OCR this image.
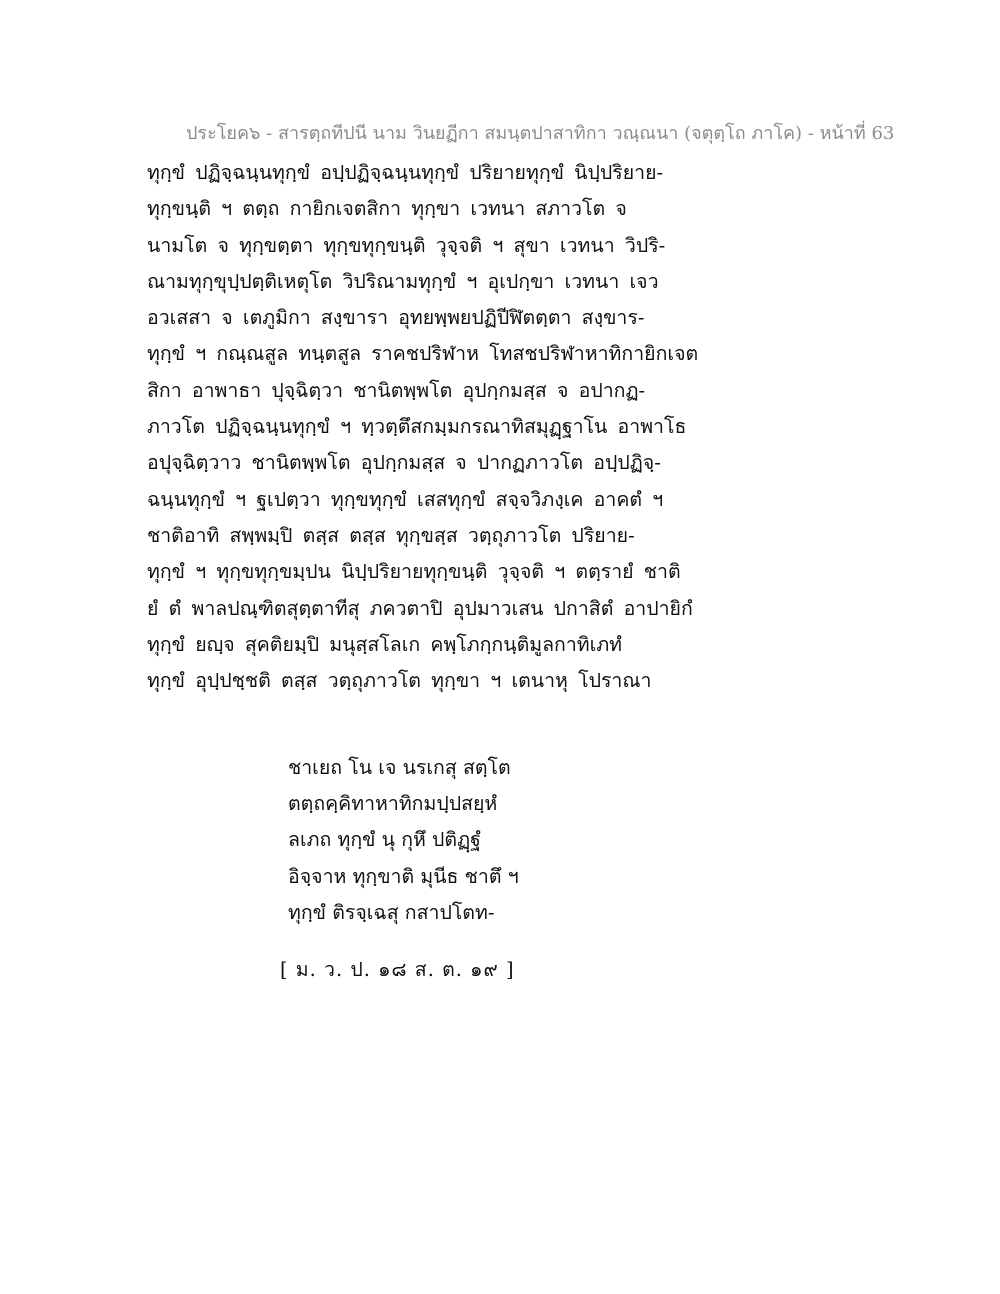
ประโยค๖ - สารตฺถทีปนี นาม วินยฏีกา สมนฺตปาสาทิกา วณฺณนา (จตุตฺโถ ภาโค) - หน้าที่ 63
ทุกฺขํ ปฏิจฺฉนฺนทุกฺขํ อปฺปฏิจฺฉนฺนทุกฺขํ ปริยายทุกฺขํ นิปฺปริยาย-
ทุกฺขนฺติ ฯ ตตฺถ กายิกเจตสิกา ทุกฺขา เวทนา สภาวโต จ
นามโต จ ทุกฺขตฺตา ทุกฺขทุกฺขนฺติ วุจฺจติ ฯ สุขา เวทนา วิปริ-
ณามทุกฺขุปฺปตฺติเหตุโต วิปริณามทุกฺขํ ฯ อุเปกฺขา เวทนา เจว
อวเสสา จ เตภูมิกา สงฺขารา อุทยพฺพยปฏิปีฬิตตฺตา สงฺขาร-
ทุกฺขํ ฯ กณฺณสูล ทนฺตสูล ราคชปริฬาห โทสชปริฬาหาทิกายิกเจต
สิกา อาพาธา ปุจฺฉิตฺวา ชานิตพฺพโต อุปกฺกมสฺส จ อปากฏ-
ภาวโต ปฏิจฺฉนฺนทุกฺขํ ฯ ทฺวตฺตึสกมฺมกรณาทิสมุฏฺฐาโน อาพาโธ
อปุจฺฉิตฺวาว ชานิตพฺพโต อุปกฺกมสฺส จ ปากฏภาวโต อปฺปฏิจฺ-
ฉนฺนทุกฺขํ ฯ ฐเปตฺวา ทุกฺขทุกฺขํ เสสทุกฺขํ สจฺจวิภงฺเค อาคตํ ฯ
ชาติอาทิ สพฺพมฺปิ ตสฺส ตสฺส ทุกฺขสฺส วตฺถุภาวโต ปริยาย-
ทุกฺขํ ฯ ทุกฺขทุกฺขมฺปน นิปฺปริยายทุกฺขนฺติ วุจฺจติ ฯ ตตฺรายํ ชาติ
ยํ ตํ พาลปณฺฑิตสุตฺตาทีสุ ภควตาปิ อุปมาวเสน ปกาสิตํ อาปายิกํ
ทุกฺขํ ยญฺจ สุคติยมฺปิ มนุสฺสโลเก คพฺโภกฺกนฺติมูลกาทิเภทํ
ทุกฺขํ อุปฺปชฺชติ ตสฺส วตฺถุภาวโต ทุกฺขา ฯ เตนาหุ โปราณา
ชาเยถ โน เจ นรเกสุ สตฺโต
ตตฺถคฺคิทาหาทิกมปฺปสยฺหํ
ลเภถ ทุกฺขํ นุ กุหึ ปติฏฺฐํ
อิจฺจาห ทุกฺขาติ มุนีธ ชาตึ ฯ
ทุกฺขํ ติรจฺเฉสุ กสาปโตท-
[ ม. ว. ป. ๑๘ ส. ต. ๑๙ ]
